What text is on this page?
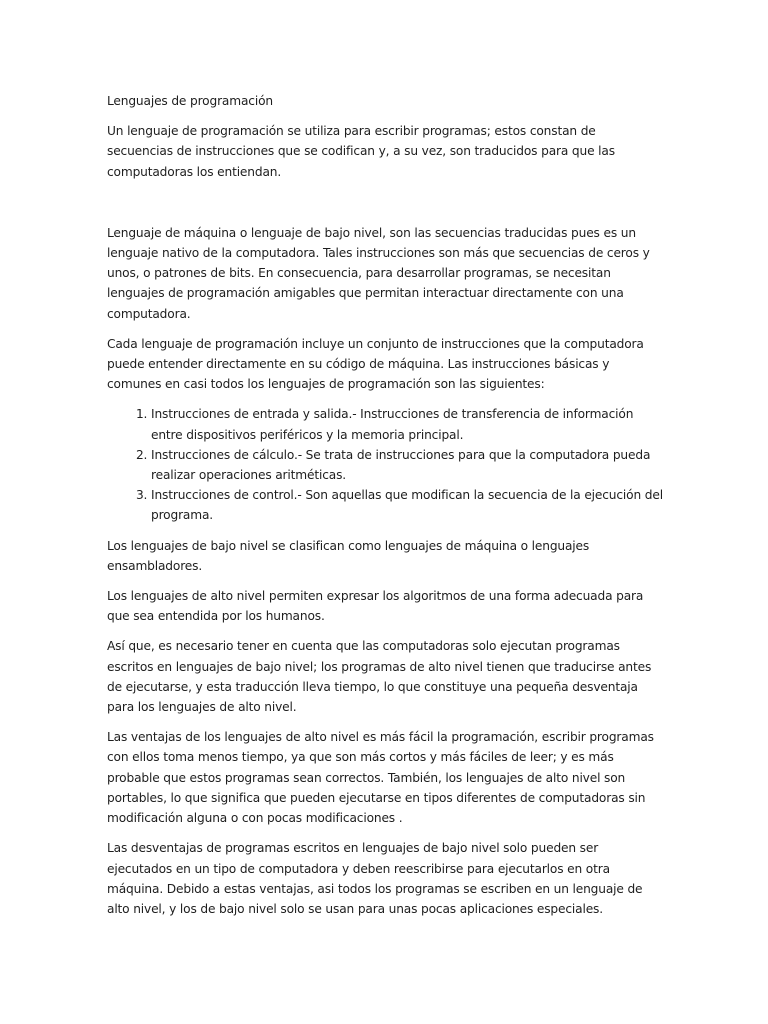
Lenguajes de programación

Un lenguaje de programación se utiliza para escribir programas; estos constan de secuencias de instrucciones que se codifican y, a su vez, son traducidos para que las computadoras los entiendan.

Lenguaje de máquina o lenguaje de bajo nivel, son las secuencias traducidas pues es un lenguaje nativo de la computadora. Tales instrucciones son más que secuencias de ceros y unos, o patrones de bits. En consecuencia, para desarrollar programas, se necesitan lenguajes de programación amigables que permitan interactuar directamente con una computadora.

Cada lenguaje de programación incluye un conjunto de instrucciones que la computadora puede entender directamente en su código de máquina. Las instrucciones básicas y comunes en casi todos los lenguajes de programación son las siguientes:

1. Instrucciones de entrada y salida.- Instrucciones de transferencia de información entre dispositivos periféricos y la memoria principal.
2. Instrucciones de cálculo.- Se trata de instrucciones para que la computadora pueda realizar operaciones aritméticas.
3. Instrucciones de control.- Son aquellas que modifican la secuencia de la ejecución del programa.

Los lenguajes de bajo nivel se clasifican como lenguajes de máquina o lenguajes ensambladores.

Los lenguajes de alto nivel permiten expresar los algoritmos de una forma adecuada para que sea entendida por los humanos.

Así que, es necesario tener en cuenta que las computadoras solo ejecutan programas escritos en lenguajes de bajo nivel; los programas de alto nivel tienen que traducirse antes de ejecutarse, y esta traducción lleva tiempo, lo que constituye una pequeña desventaja para los lenguajes de alto nivel.

Las ventajas de los lenguajes de alto nivel es más fácil la programación, escribir programas con ellos toma menos tiempo, ya que son más cortos y más fáciles de leer; y es más probable que estos programas sean correctos. También, los lenguajes de alto nivel son portables, lo que significa que pueden ejecutarse en tipos diferentes de computadoras sin modificación alguna o con pocas modificaciones .

Las desventajas de programas escritos en lenguajes de bajo nivel solo pueden ser ejecutados en un tipo de computadora y deben reescribirse para ejecutarlos en otra máquina. Debido a estas ventajas, asi todos los programas se escriben en un lenguaje de alto nivel, y los de bajo nivel solo se usan para unas pocas aplicaciones especiales.
